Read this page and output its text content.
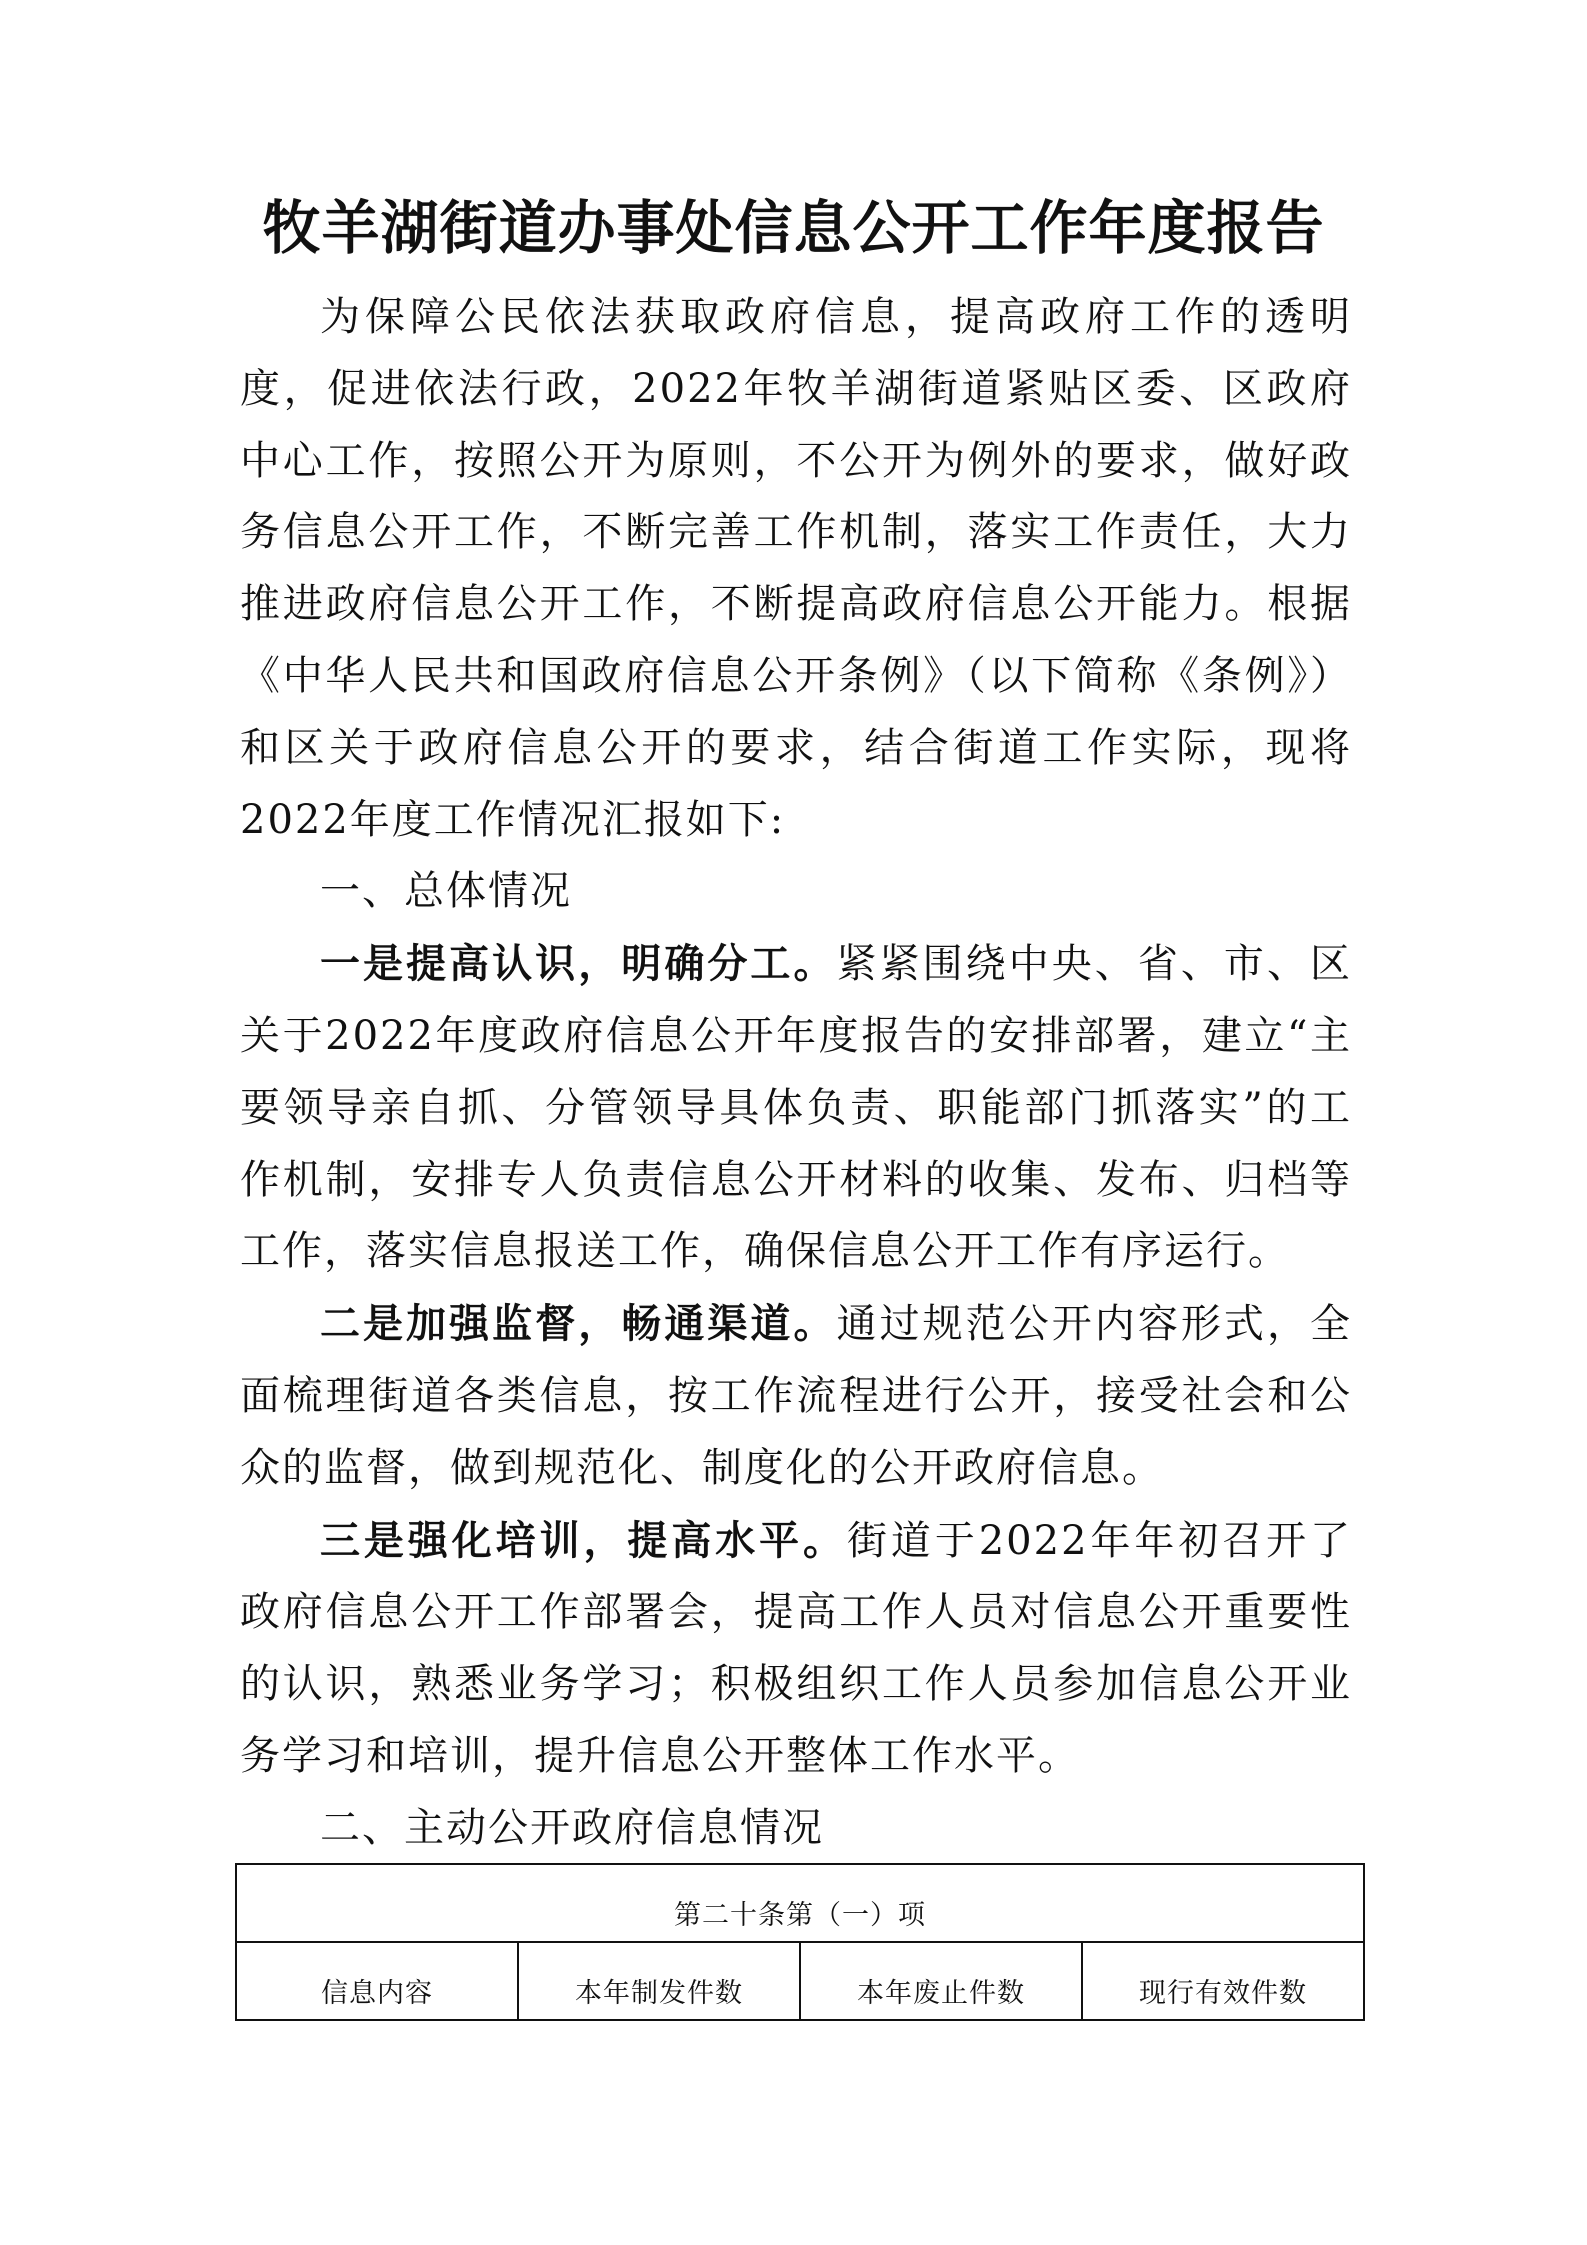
牧羊湖街道办事处信息公开工作年度报告

为保障公民依法获取政府信息，提高政府工作的透明度，促进依法行政，2022年牧羊湖街道紧贴区委、区政府中心工作，按照公开为原则，不公开为例外的要求，做好政务信息公开工作，不断完善工作机制，落实工作责任，大力推进政府信息公开工作，不断提高政府信息公开能力。根据《中华人民共和国政府信息公开条例》（以下简称《条例》）和区关于政府信息公开的要求，结合街道工作实际，现将2022年度工作情况汇报如下:

一、总体情况

一是提高认识，明确分工。紧紧围绕中央、省、市、区关于2022年度政府信息公开年度报告的安排部署，建立“主要领导亲自抓、分管领导具体负责、职能部门抓落实”的工作机制，安排专人负责信息公开材料的收集、发布、归档等工作，落实信息报送工作，确保信息公开工作有序运行。

二是加强监督，畅通渠道。通过规范公开内容形式，全面梳理街道各类信息，按工作流程进行公开，接受社会和公众的监督，做到规范化、制度化的公开政府信息。

三是强化培训，提高水平。街道于2022年年初召开了政府信息公开工作部署会，提高工作人员对信息公开重要性的认识，熟悉业务学习；积极组织工作人员参加信息公开业务学习和培训，提升信息公开整体工作水平。

二、主动公开政府信息情况

第二十条第（一）项
信息内容	本年制发件数	本年废止件数	现行有效件数
